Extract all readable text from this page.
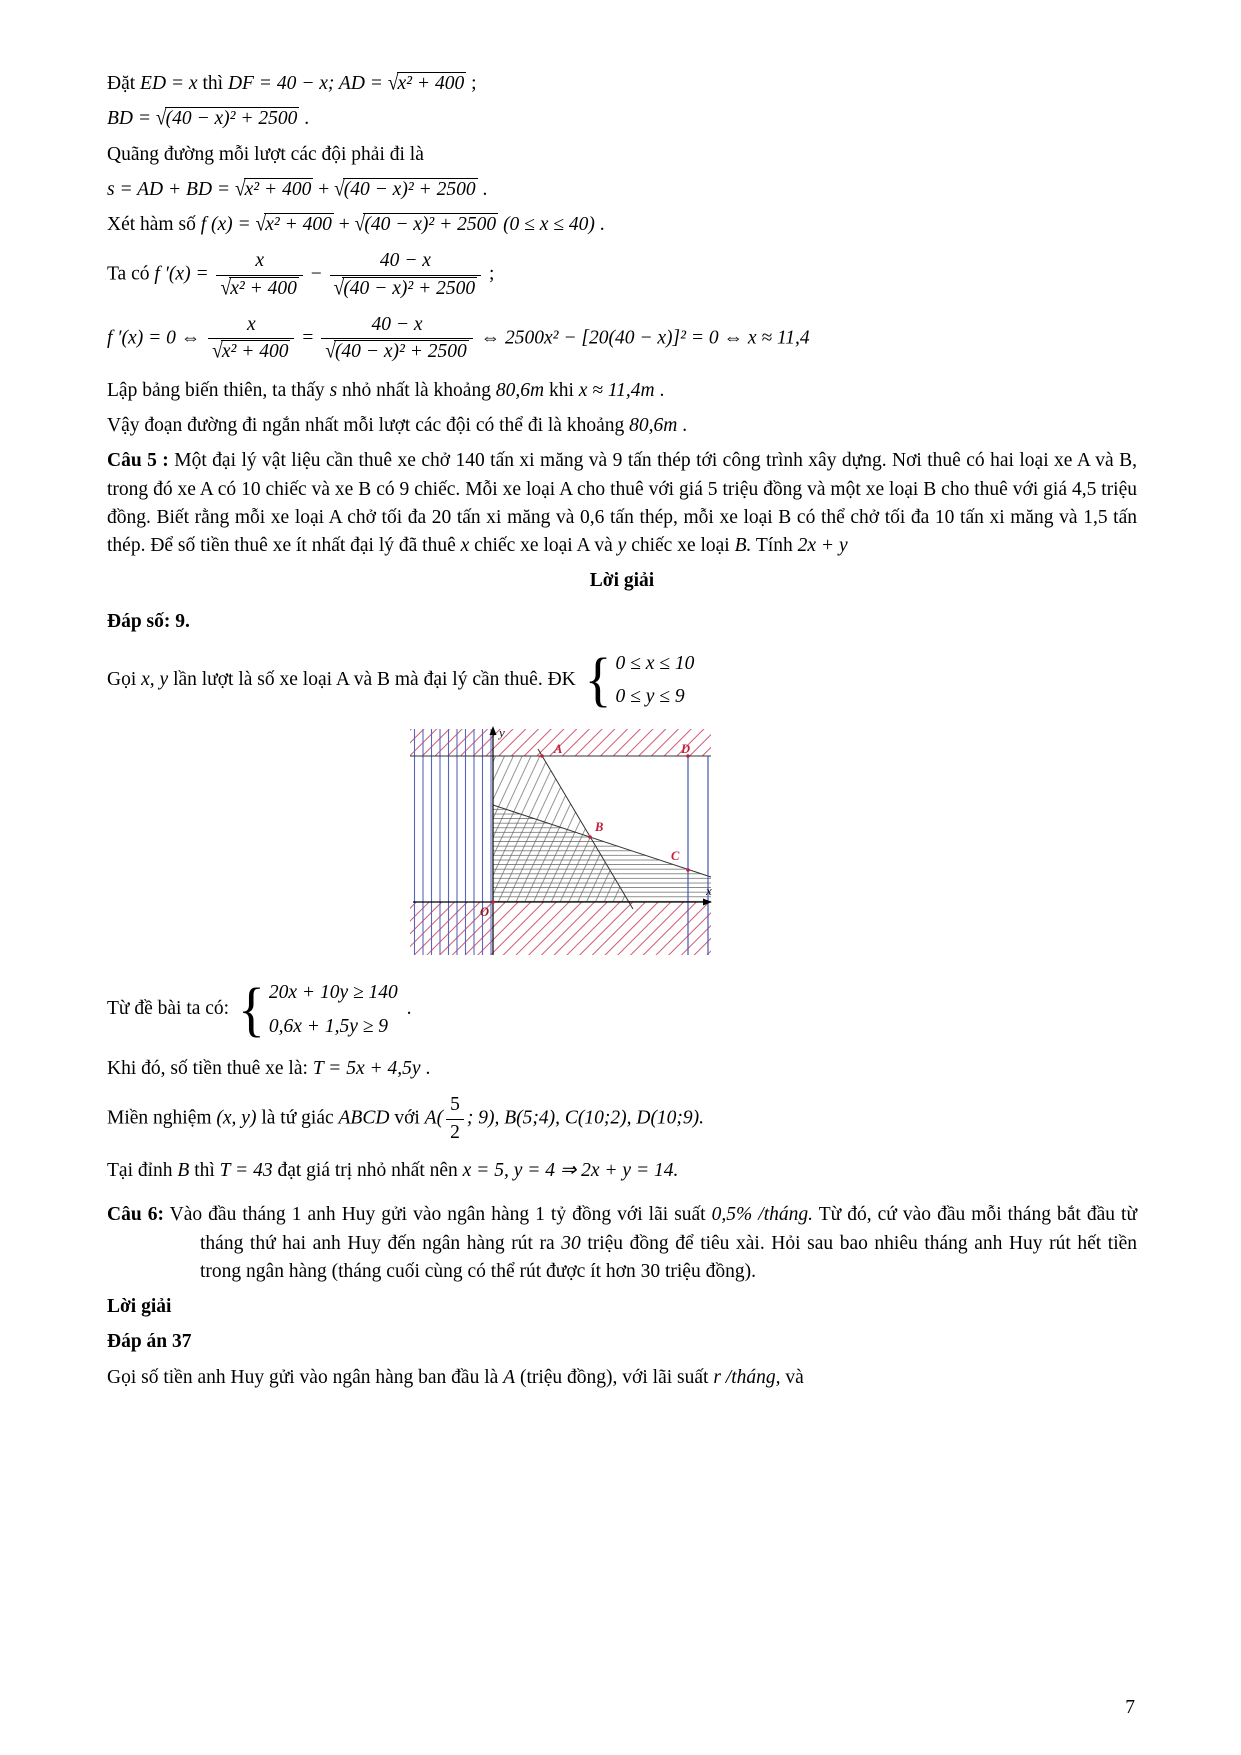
Đặt ED = x thì DF = 40 − x; AD = √x² + 400 ;

BD = √(40 − x)² + 2500 .

Quãng đường mỗi lượt các đội phải đi là

s = AD + BD = √x² + 400 + √(40 − x)² + 2500 .

Xét hàm số f (x) = √x² + 400 + √(40 − x)² + 2500 (0 ≤ x ≤ 40) .

Ta có f $'(x) = \frac{x}{\text{√x² + 400}} - \frac{40 - x}{\text{√(40 − x)² + 2500}}$ ;

f ′(x) = 0 ⇔ $\frac{x}{\text{√x² + 400}} = \frac{40 - x}{\text{√(40 − x)² + 2500}}$ ⇔ 2500x² − [20(40 − x)]² = 0 ⇔ x ≈ 11,4

Lập bảng biến thiên, ta thấy s nhỏ nhất là khoảng 80,6m khi x ≈ 11,4m .

Vậy đoạn đường đi ngắn nhất mỗi lượt các đội có thể đi là khoảng 80,6m .

Câu 5 : Một đại lý vật liệu cần thuê xe chở 140 tấn xi măng và 9 tấn thép tới công trình xây dựng. Nơi thuê có hai loại xe A và B, trong đó xe A có 10 chiếc và xe B có 9 chiếc. Mỗi xe loại A cho thuê với giá 5 triệu đồng và một xe loại B cho thuê với giá 4,5 triệu đồng. Biết rằng mỗi xe loại A chở tối đa 20 tấn xi măng và 0,6 tấn thép, mỗi xe loại B có thể chở tối đa 10 tấn xi măng và 1,5 tấn thép. Để số tiền thuê xe ít nhất đại lý đã thuê x chiếc xe loại A và y chiếc xe loại B. Tính 2x + y

Lời giải

Đáp số: 9.

Gọi x, y lần lượt là số xe loại A và B mà đại lý cần thuê. ĐK { 0 ≤ x ≤ 10
0 ≤ y ≤ 9

A
B
C
D
O
y
x

Từ đề bài ta có: { 20x + 10y ≥ 140
0,6x + 1,5y ≥ 9
.

Khi đó, số tiền thuê xe là: T = 5x + 4,5y .

Miền nghiệm (x, y) là tứ giác ABCD với $A( \frac{5}{2}$ ; 9), B(5;4), C(10;2), D(10;9).

Tại đỉnh B thì T = 43 đạt giá trị nhỏ nhất nên x = 5, y = 4 ⇒ 2x + y = 14.

Câu 6: Vào đầu tháng 1 anh Huy gửi vào ngân hàng 1 tỷ đồng với lãi suất 0,5% /tháng. Từ đó, cứ vào đầu mỗi tháng bắt đầu từ tháng thứ hai anh Huy đến ngân hàng rút ra 30 triệu đồng để tiêu xài. Hỏi sau bao nhiêu tháng anh Huy rút hết tiền trong ngân hàng (tháng cuối cùng có thể rút được ít hơn 30 triệu đồng).

Lời giải

Đáp án 37

Gọi số tiền anh Huy gửi vào ngân hàng ban đầu là A (triệu đồng), với lãi suất r /tháng, và

7
